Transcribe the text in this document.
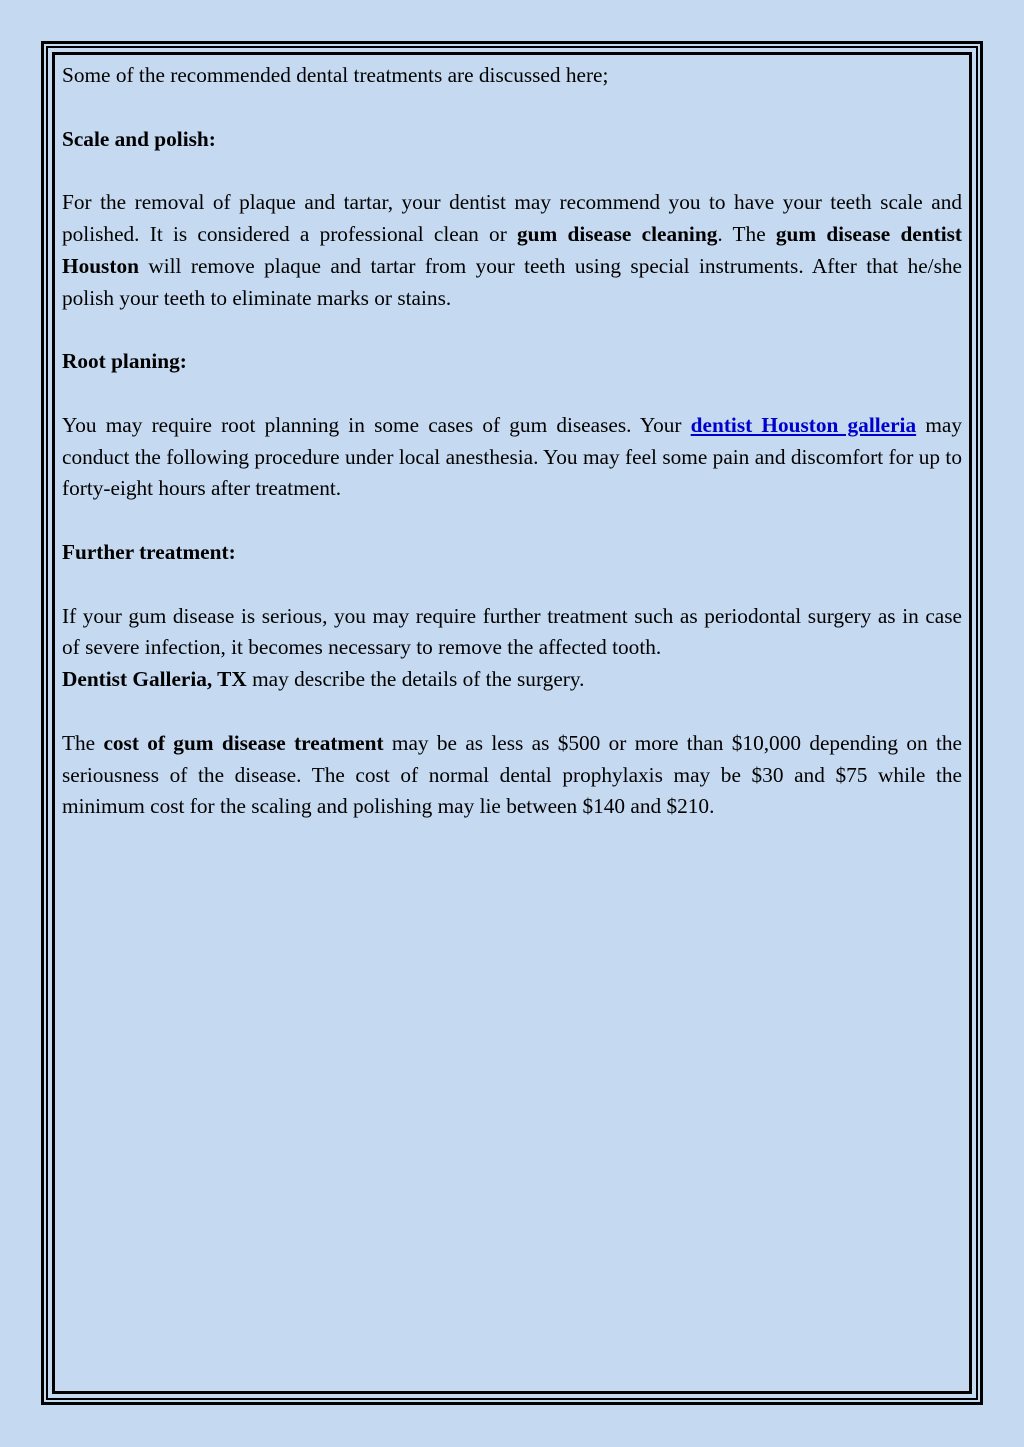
Some of the recommended dental treatments are discussed here;

Scale and polish:

For the removal of plaque and tartar, your dentist may recommend you to have your teeth scale and polished. It is considered a professional clean or gum disease cleaning. The gum disease dentist Houston will remove plaque and tartar from your teeth using special instruments. After that he/she polish your teeth to eliminate marks or stains.

Root planing:

You may require root planning in some cases of gum diseases. Your dentist Houston galleria may conduct the following procedure under local anesthesia. You may feel some pain and discomfort for up to forty-eight hours after treatment.

Further treatment:

If your gum disease is serious, you may require further treatment such as periodontal surgery as in case of severe infection, it becomes necessary to remove the affected tooth.

Dentist Galleria, TX may describe the details of the surgery.

The cost of gum disease treatment may be as less as $500 or more than $10,000 depending on the seriousness of the disease. The cost of normal dental prophylaxis may be $30 and $75 while the minimum cost for the scaling and polishing may lie between $140 and $210.
